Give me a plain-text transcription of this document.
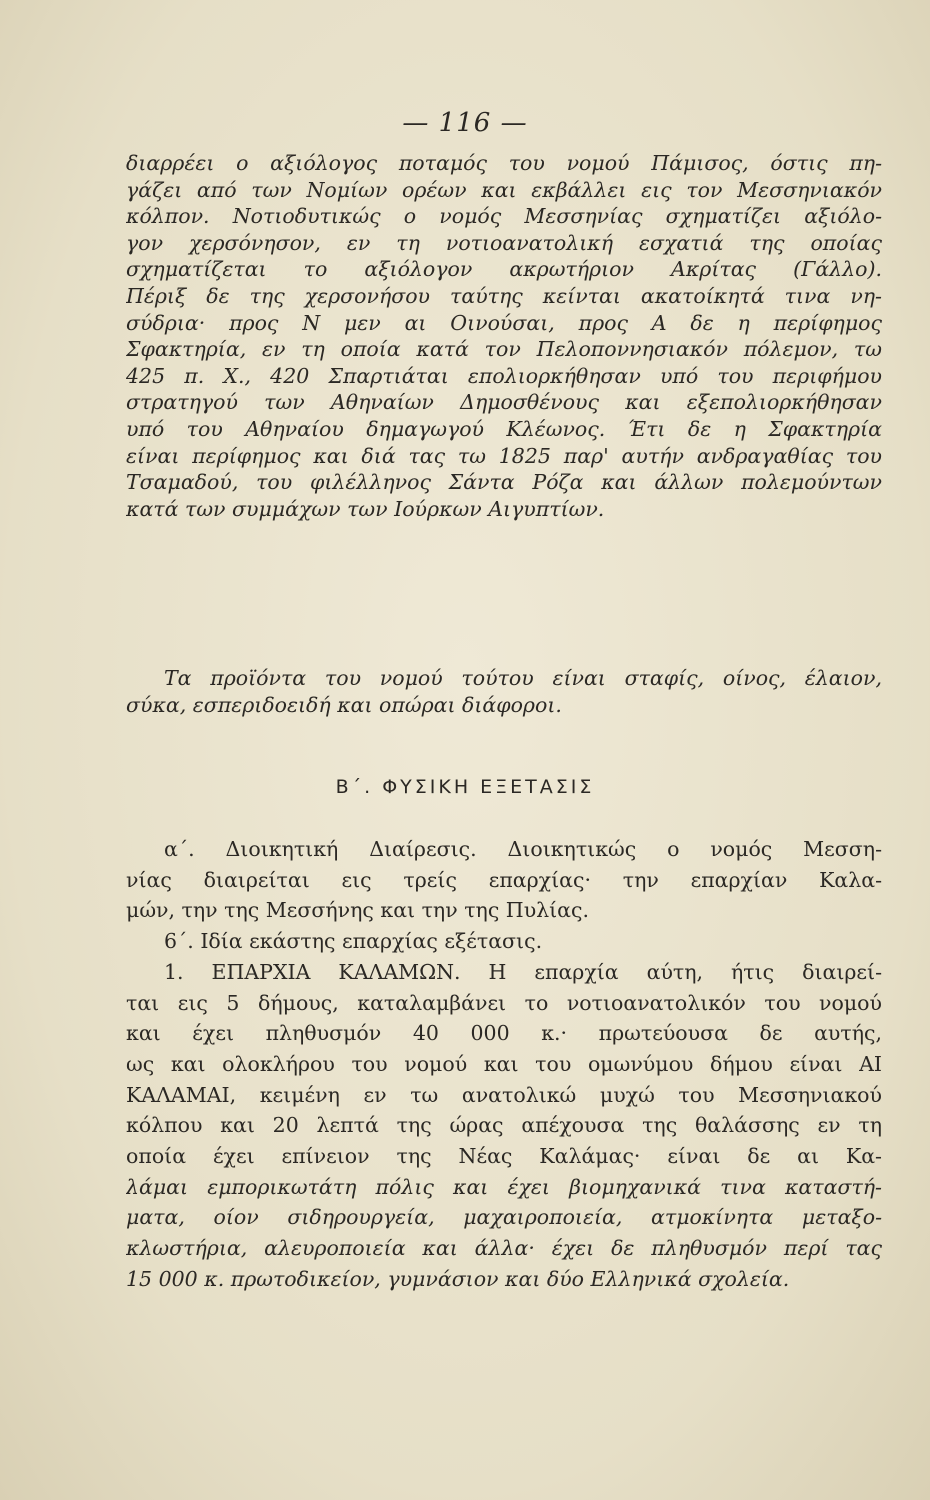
— 116 —
διαρρέει ο αξιόλογος ποταμός του νομού Πάμισος, όστις πη-
γάζει από των Νομίων ορέων και εκβάλλει εις τον Μεσσηνιακόν
κόλπον. Νοτιοδυτικώς ο νομός Μεσσηνίας σχηματίζει αξιόλο-
γον χερσόνησον, εν τη νοτιοανατολική εσχατιά της οποίας
σχηματίζεται το αξιόλογον ακρωτήριον Ακρίτας (Γάλλο).
Πέριξ δε της χερσονήσου ταύτης κείνται ακατοίκητά τινα νη-
σύδρια· προς Ν μεν αι Οινούσαι, προς Α δε η περίφημος
Σφακτηρία, εν τη οποία κατά τον Πελοποννησιακόν πόλεμον, τω
425 π. Χ., 420 Σπαρτιάται επολιορκήθησαν υπό του περιφήμου
στρατηγού των Αθηναίων Δημοσθένους και εξεπολιορκήθησαν
υπό του Αθηναίου δημαγωγού Κλέωνος. Έτι δε η Σφακτηρία
είναι περίφημος και διά τας τω 1825 παρ' αυτήν ανδραγαθίας του
Τσαμαδού, του φιλέλληνος Σάντα Ρόζα και άλλων πολεμούντων
κατά των συμμάχων των Ιούρκων Αιγυπτίων.
Τα προϊόντα του νομού τούτου είναι σταφίς, οίνος, έλαιον,
σύκα, εσπεριδοειδή και οπώραι διάφοροι.
Β΄. ΦΥΣΙΚΗ ΕΞΕΤΑΣΙΣ
α΄. Διοικητική Διαίρεσις. Διοικητικώς ο νομός Μεσση-
νίας διαιρείται εις τρείς επαρχίας· την επαρχίαν Καλα-
μών, την της Μεσσήνης και την της Πυλίας.
6΄. Ιδία εκάστης επαρχίας εξέτασις.
1. ΕΠΑΡΧΙΑ ΚΑΛΑΜΩΝ. Η επαρχία αύτη, ήτις διαιρεί-
ται εις 5 δήμους, καταλαμβάνει το νοτιοανατολικόν του νομού
και έχει πληθυσμόν 40 000 κ.· πρωτεύουσα δε αυτής,
ως και ολοκλήρου του νομού και του ομωνύμου δήμου είναι ΑΙ
ΚΑΛΑΜΑΙ, κειμένη εν τω ανατολικώ μυχώ του Μεσσηνιακού
κόλπου και 20 λεπτά της ώρας απέχουσα της θαλάσσης εν τη
οποία έχει επίνειον της Νέας Καλάμας· είναι δε αι Κα-
λάμαι εμπορικωτάτη πόλις και έχει βιομηχανικά τινα καταστή-
ματα, οίον σιδηρουργεία, μαχαιροποιεία, ατμοκίνητα μεταξο-
κλωστήρια, αλευροποιεία και άλλα· έχει δε πληθυσμόν περί τας
15 000 κ. πρωτοδικείον, γυμνάσιον και δύο Ελληνικά σχολεία.
